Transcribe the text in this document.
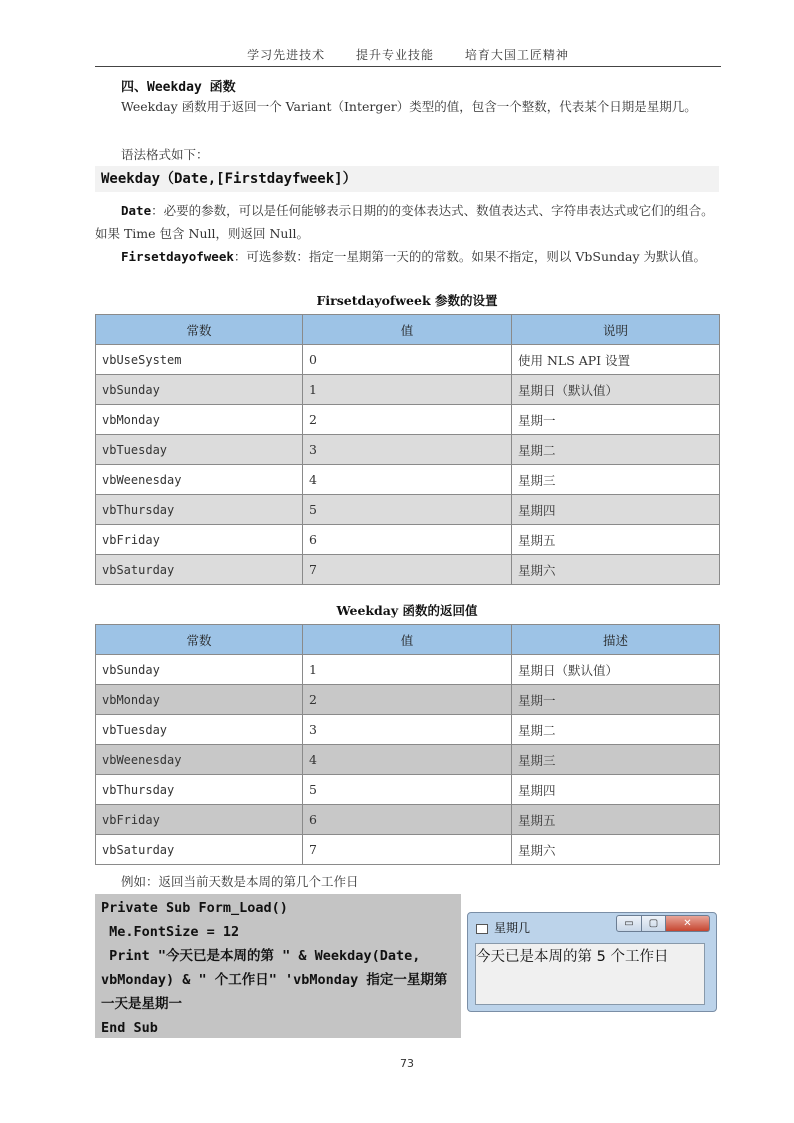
学习先进技术	提升专业技能	培育大国工匠精神
四、Weekday 函数
Weekday 函数用于返回一个 Variant（Interger）类型的值，包含一个整数，代表某个日期是星期几。
语法格式如下：
Weekday（Date,[Firstdayfweek]）
Date：必要的参数，可以是任何能够表示日期的的变体表达式、数值表达式、字符串表达式或它们的组合。如果 Time 包含 Null，则返回 Null。
Firsetdayofweek：可选参数：指定一星期第一天的的常数。如果不指定，则以 VbSunday 为默认值。
Firsetdayofweek 参数的设置
常数	值	说明
vbUseSystem	0	使用 NLS API 设置
vbSunday	1	星期日（默认值）
vbMonday	2	星期一
vbTuesday	3	星期二
vbWeenesday	4	星期三
vbThursday	5	星期四
vbFriday	6	星期五
vbSaturday	7	星期六
Weekday 函数的返回值
常数	值	描述
vbSunday	1	星期日（默认值）
vbMonday	2	星期一
vbTuesday	3	星期二
vbWeenesday	4	星期三
vbThursday	5	星期四
vbFriday	6	星期五
vbSaturday	7	星期六
例如：返回当前天数是本周的第几个工作日
Private Sub Form_Load()
Me.FontSize = 12
Print "今天已是本周的第 " & Weekday(Date, vbMonday) & " 个工作日" 'vbMonday 指定一星期第一天是星期一
End Sub
星期几	▭	▢	✕
今天已是本周的第 5 个工作日
73
